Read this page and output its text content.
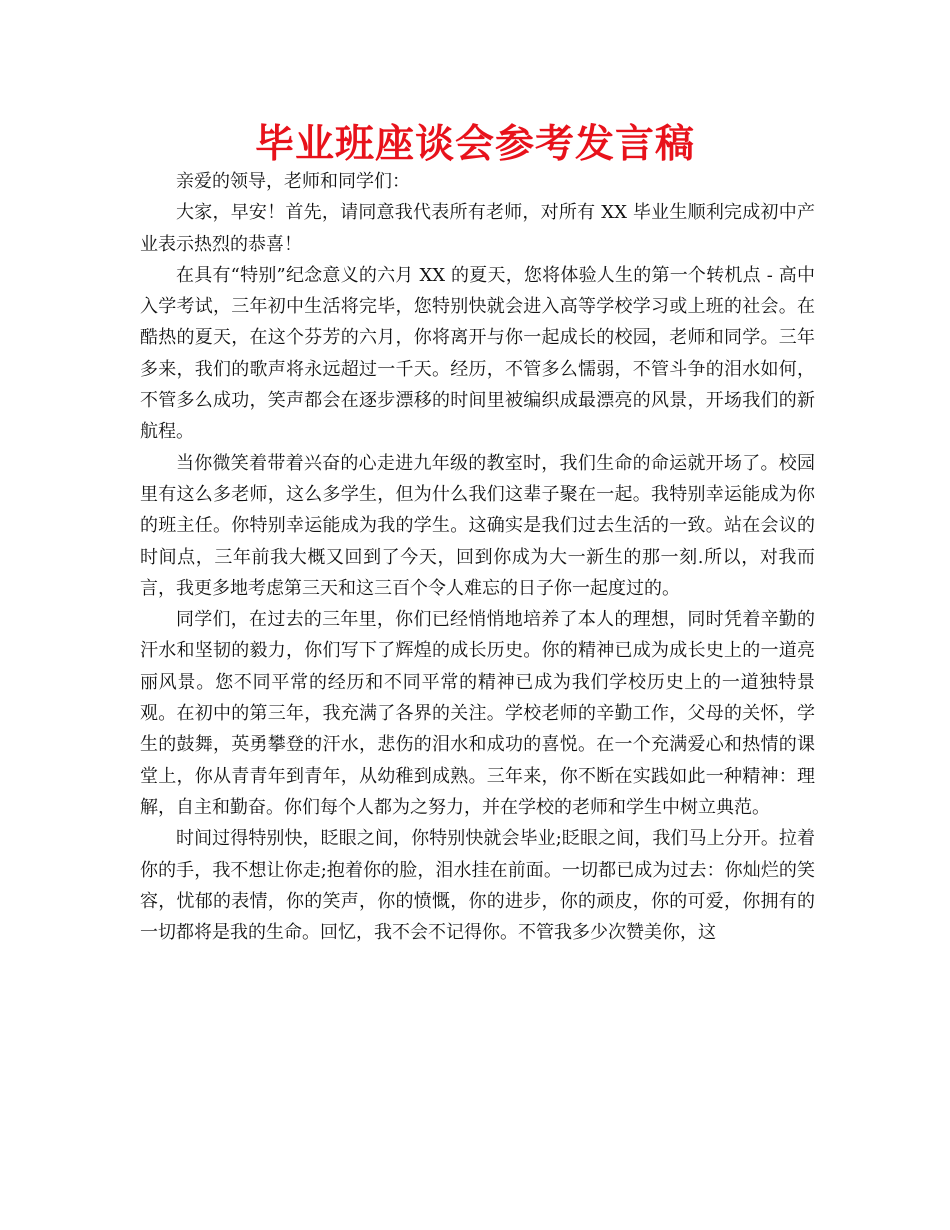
毕业班座谈会参考发言稿

亲爱的领导，老师和同学们：

大家，早安！首先，请同意我代表所有老师，对所有 XX 毕业生顺利完成初中产业表示热烈的恭喜！

在具有“特别”纪念意义的六月 XX 的夏天，您将体验人生的第一个转机点 - 高中入学考试，三年初中生活将完毕，您特别快就会进入高等学校学习或上班的社会。在酷热的夏天，在这个芬芳的六月，你将离开与你一起成长的校园，老师和同学。三年多来，我们的歌声将永远超过一千天。经历，不管多么懦弱，不管斗争的泪水如何，不管多么成功，笑声都会在逐步漂移的时间里被编织成最漂亮的风景，开场我们的新航程。

当你微笑着带着兴奋的心走进九年级的教室时，我们生命的命运就开场了。校园里有这么多老师，这么多学生，但为什么我们这辈子聚在一起。我特别幸运能成为你的班主任。你特别幸运能成为我的学生。这确实是我们过去生活的一致。站在会议的时间点，三年前我大概又回到了今天，回到你成为大一新生的那一刻.所以，对我而言，我更多地考虑第三天和这三百个令人难忘的日子你一起度过的。

同学们，在过去的三年里，你们已经悄悄地培养了本人的理想，同时凭着辛勤的汗水和坚韧的毅力，你们写下了辉煌的成长历史。你的精神已成为成长史上的一道亮丽风景。您不同平常的经历和不同平常的精神已成为我们学校历史上的一道独特景观。在初中的第三年，我充满了各界的关注。学校老师的辛勤工作，父母的关怀，学生的鼓舞，英勇攀登的汗水，悲伤的泪水和成功的喜悦。在一个充满爱心和热情的课堂上，你从青青年到青年，从幼稚到成熟。三年来，你不断在实践如此一种精神：理解，自主和勤奋。你们每个人都为之努力，并在学校的老师和学生中树立典范。

时间过得特别快，眨眼之间，你特别快就会毕业;眨眼之间，我们马上分开。拉着你的手，我不想让你走;抱着你的脸，泪水挂在前面。一切都已成为过去：你灿烂的笑容，忧郁的表情，你的笑声，你的愤慨，你的进步，你的顽皮，你的可爱，你拥有的一切都将是我的生命。回忆，我不会不记得你。不管我多少次赞美你，这
